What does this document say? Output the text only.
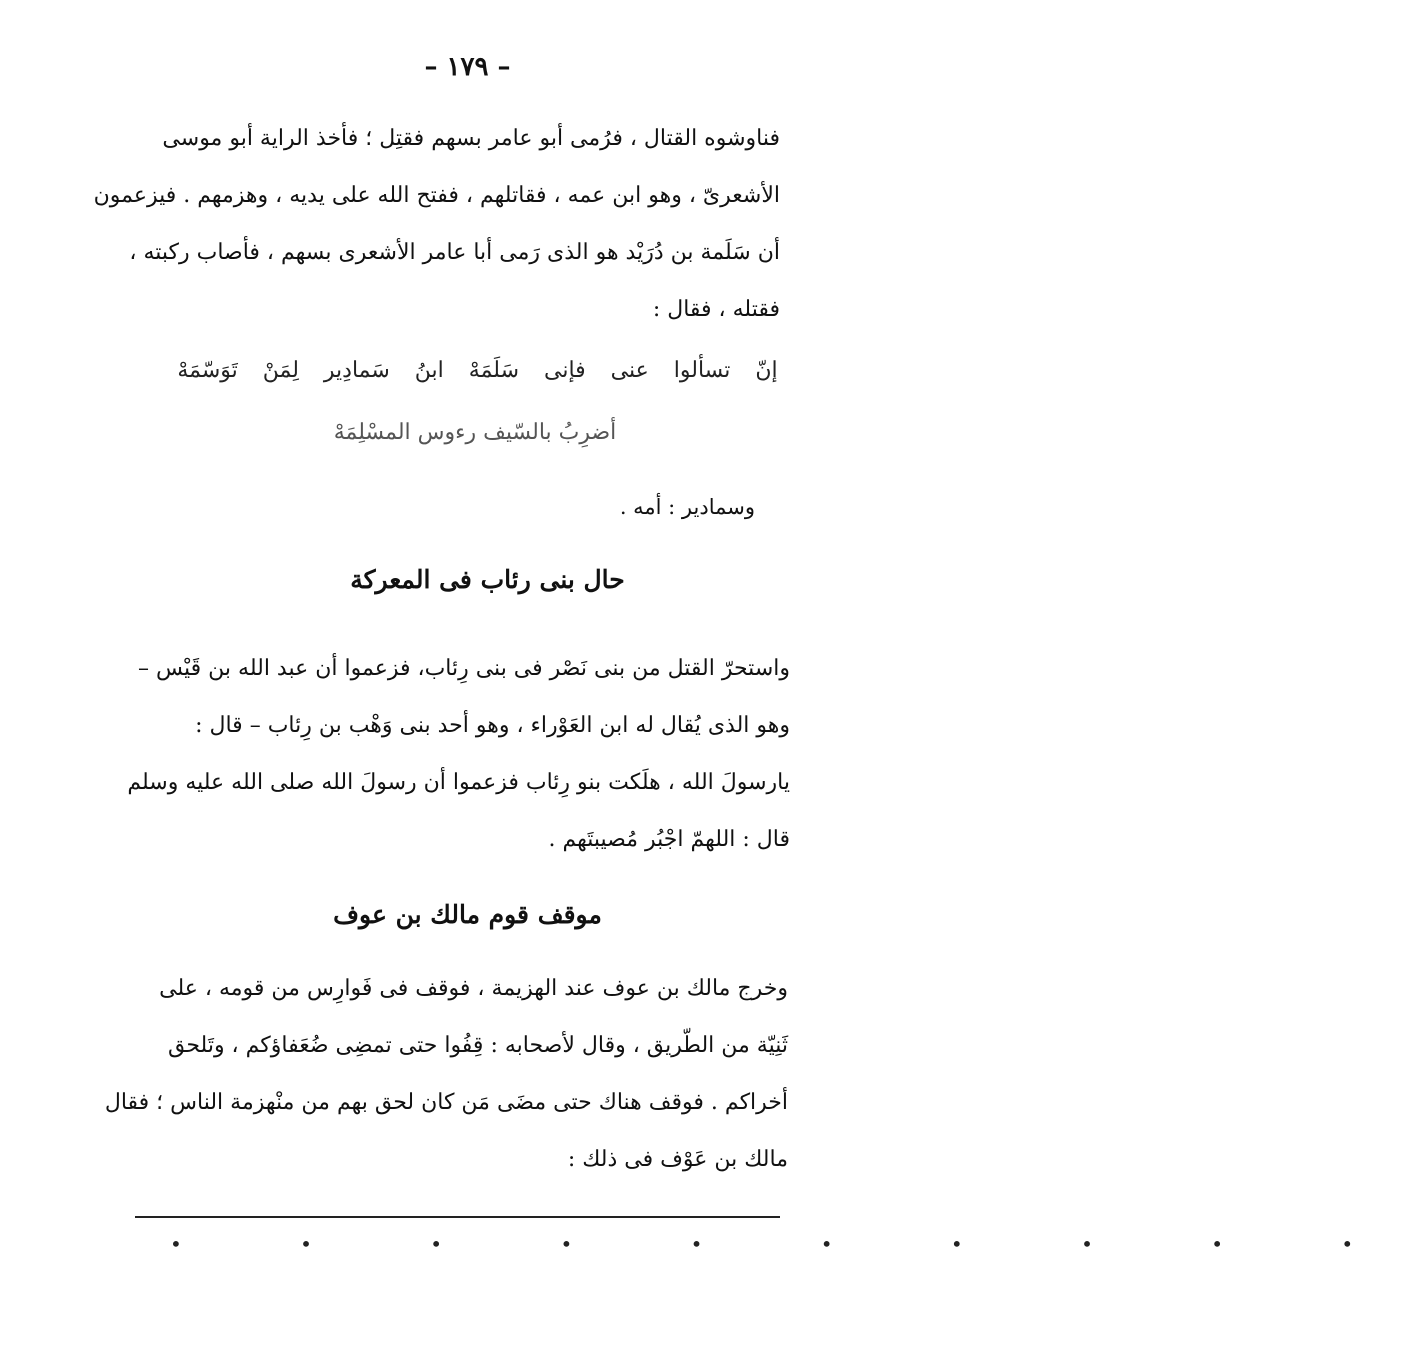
– ١٧٩ –
فناوشوه القتال ، فرُمى أبو عامر بسهم فقتِل ؛ فأخذ الراية أبو موسى
الأشعرىّ ، وهو ابن عمه ، فقاتلهم ، ففتح الله على يديه ، وهزمهم . فيزعمون
أن سَلَمة بن دُرَيْد هو الذى رَمى أبا عامر الأشعرى بسهم ، فأصاب ركبته ،
فقتله ، فقال :
إنّ تسألوا عنى فإنى سَلَمَهْ ابنُ سَمادِير لِمَنْ تَوَسّمَهْ
أضرِبُ بالسّيف رءوس المسْلِمَهْ
وسمادير : أمه .
حال بنى رئاب فى المعركة
واستحرّ القتل من بنى نَصْر فى بنى رِئاب، فزعموا أن عبد الله بن قَيْس –
وهو الذى يُقال له ابن العَوْراء ، وهو أحد بنى وَهْب بن رِئاب – قال :
يارسولَ الله ، هلَكت بنو رِئاب فزعموا أن رسولَ الله صلى الله عليه وسلم
قال : اللهمّ اجْبُر مُصيبتَهم .
موقف قوم مالك بن عوف
وخرج مالك بن عوف عند الهزيمة ، فوقف فى فَوارِس من قومه ، على
ثَنِيّة من الطّريق ، وقال لأصحابه : قِفُوا حتى تمضِى ضُعَفاؤكم ، وتَلحق
أخراكم . فوقف هناك حتى مضَى مَن كان لحق بهم من منْهزمة الناس ؛ فقال
مالك بن عَوْف فى ذلك :
• • • • • • • • • •
